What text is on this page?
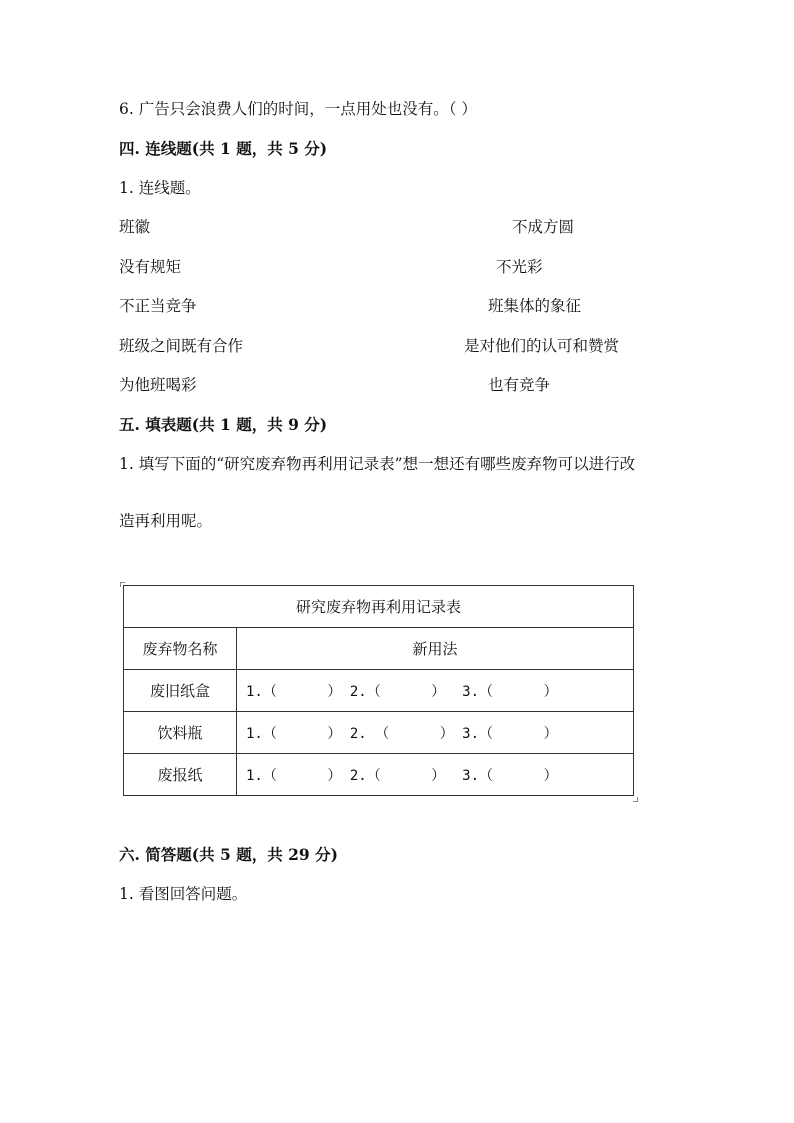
6. 广告只会浪费人们的时间，一点用处也没有。（ ）
四. 连线题(共 1 题，共 5 分)
1. 连线题。
班徽
没有规矩
不正当竞争
班级之间既有合作
为他班喝彩
不成方圆
不光彩
班集体的象征
是对他们的认可和赞赏
也有竞争
五. 填表题(共 1 题，共 9 分)
1. 填写下面的“研究废弃物再利用记录表”想一想还有哪些废弃物可以进行改
造再利用呢。
研究废弃物再利用记录表	
废弃物名称	新用法
废旧纸盒	1.（      ） 2.（      ）  3.（      ）
饮料瓶	1.（      ） 2. （      ） 3.（      ）
废报纸	1.（      ） 2.（      ）  3.（      ）
六. 简答题(共 5 题，共 29 分)
1. 看图回答问题。
